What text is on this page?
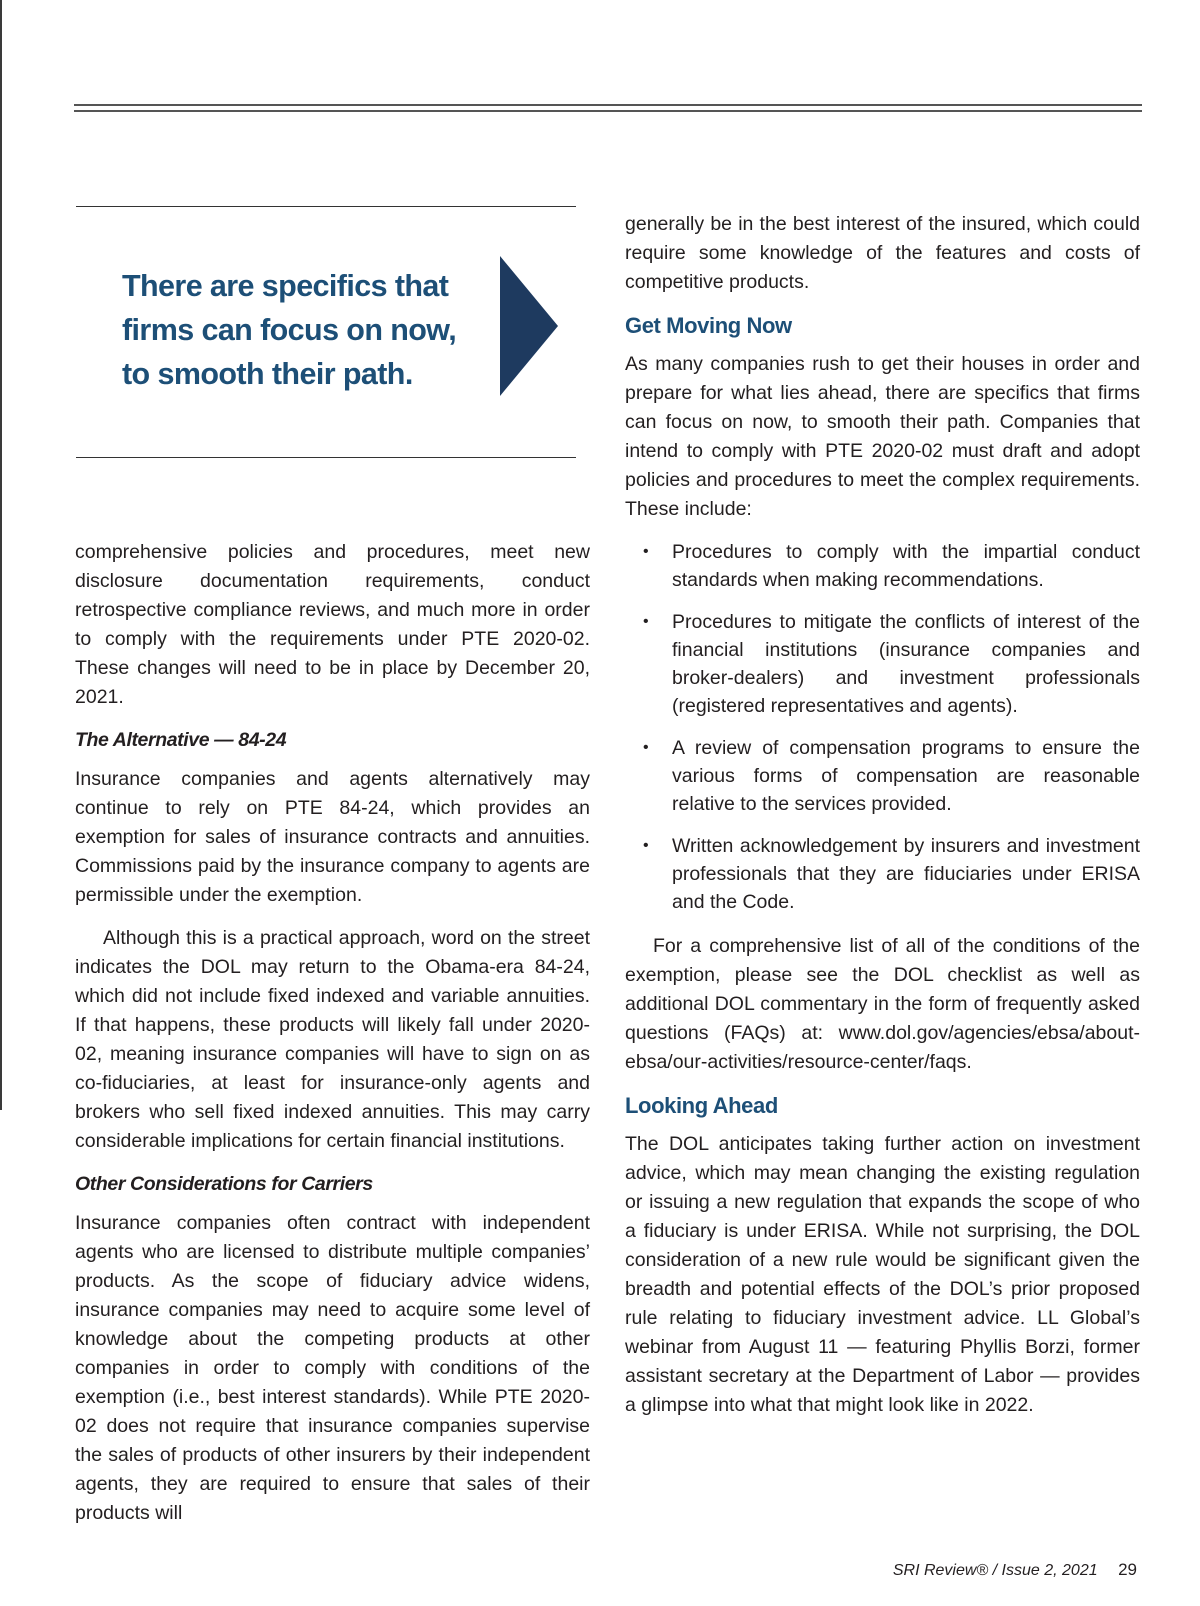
There are specifics that firms can focus on now, to smooth their path.

comprehensive policies and procedures, meet new disclosure documentation requirements, conduct retrospective compliance reviews, and much more in order to comply with the requirements under PTE 2020-02. These changes will need to be in place by December 20, 2021.

The Alternative — 84-24

Insurance companies and agents alternatively may continue to rely on PTE 84-24, which provides an exemption for sales of insurance contracts and annuities. Commissions paid by the insurance company to agents are permissible under the exemption.

Although this is a practical approach, word on the street indicates the DOL may return to the Obama-era 84-24, which did not include fixed indexed and variable annuities. If that happens, these products will likely fall under 2020-02, meaning insurance companies will have to sign on as co-fiduciaries, at least for insurance-only agents and brokers who sell fixed indexed annuities. This may carry considerable implications for certain financial institutions.

Other Considerations for Carriers

Insurance companies often contract with independent agents who are licensed to distribute multiple companies’ products. As the scope of fiduciary advice widens, insurance companies may need to acquire some level of knowledge about the competing products at other companies in order to comply with conditions of the exemption (i.e., best interest standards). While PTE 2020-02 does not require that insurance companies supervise the sales of products of other insurers by their independent agents, they are required to ensure that sales of their products will

generally be in the best interest of the insured, which could require some knowledge of the features and costs of competitive products.

Get Moving Now

As many companies rush to get their houses in order and prepare for what lies ahead, there are specifics that firms can focus on now, to smooth their path. Companies that intend to comply with PTE 2020-02 must draft and adopt policies and procedures to meet the complex requirements. These include:

• Procedures to comply with the impartial conduct standards when making recommendations.
• Procedures to mitigate the conflicts of interest of the financial institutions (insurance companies and broker-dealers) and investment professionals (registered representatives and agents).
• A review of compensation programs to ensure the various forms of compensation are reasonable relative to the services provided.
• Written acknowledgement by insurers and investment professionals that they are fiduciaries under ERISA and the Code.

For a comprehensive list of all of the conditions of the exemption, please see the DOL checklist as well as additional DOL commentary in the form of frequently asked questions (FAQs) at: www.dol.gov/agencies/ebsa/about-ebsa/our-activities/resource-center/faqs.

Looking Ahead

The DOL anticipates taking further action on investment advice, which may mean changing the existing regulation or issuing a new regulation that expands the scope of who a fiduciary is under ERISA. While not surprising, the DOL consideration of a new rule would be significant given the breadth and potential effects of the DOL’s prior proposed rule relating to fiduciary investment advice. LL Global’s webinar from August 11 — featuring Phyllis Borzi, former assistant secretary at the Department of Labor — provides a glimpse into what that might look like in 2022.

SRI Review® / Issue 2, 2021 29
